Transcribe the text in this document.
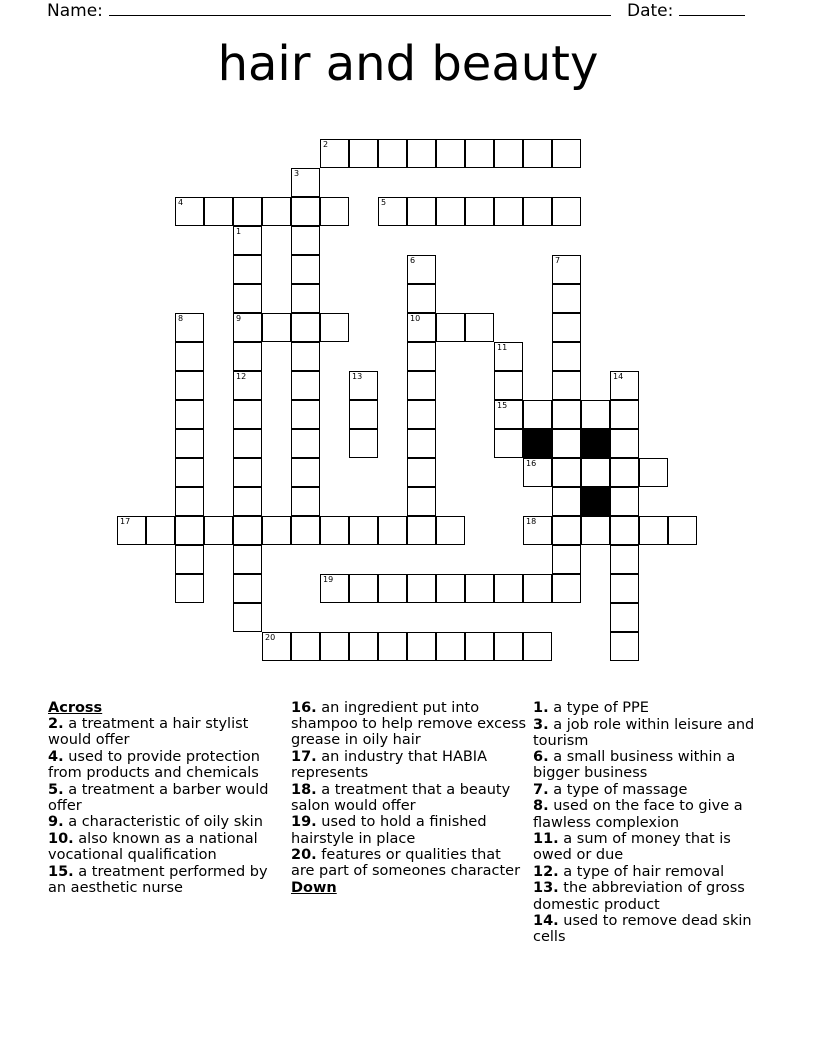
Name:	Date:
hair and beauty
1
9
2
3
4	5
6
10
7
8
11
15
12	13	14
16
17	18
19
20
Across
2. a treatment a hair stylist would offer
4. used to provide protection from products and chemicals
5. a treatment a barber would offer
9. a characteristic of oily skin
10. also known as a national vocational qualification
15. a treatment performed by an aesthetic nurse
16. an ingredient put into shampoo to help remove excess grease in oily hair
17. an industry that HABIA represents
18. a treatment that a beauty salon would offer
19. used to hold a finished hairstyle in place
20. features or qualities that are part of someones character
Down
1. a type of PPE
3. a job role within leisure and tourism
6. a small business within a bigger business
7. a type of massage
8. used on the face to give a flawless complexion
11. a sum of money that is owed or due
12. a type of hair removal
13. the abbreviation of gross domestic product
14. used to remove dead skin cells
